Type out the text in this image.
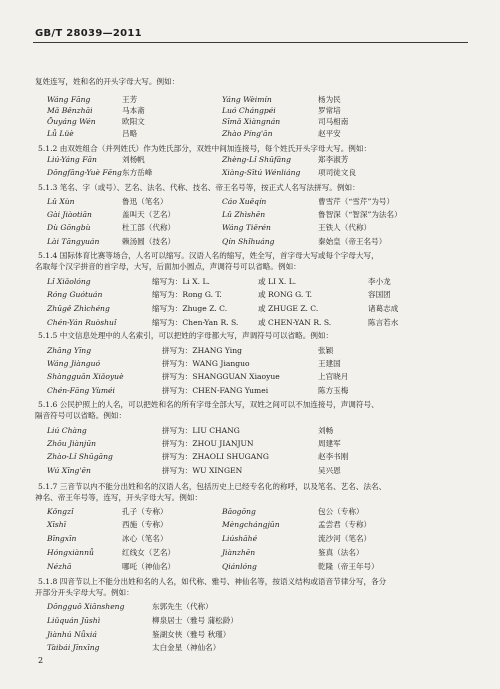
GB/T 28039—2011
复姓连写，姓和名的开头字母大写。例如：
Wáng Fāng	王芳	Yáng Wèimín	杨为民
Mǎ Běnzhāi	马本斋	Luó Chángpéi	罗常培
Ōuyáng Wén	欧阳文	Sīmǎ Xiàngnán	司马相南
Lǚ Lüè	吕略	Zhào Píng'ān	赵平安
5.1.2 由双姓组合（并列姓氏）作为姓氏部分，双姓中间加连接号，每个姓氏开头字母大写。例如：
Liú-Yáng Fān	刘杨帆	Zhèng-Lǐ Shūfāng	郑李淑芳
Dōngfāng-Yuè Fēng 东方岳峰	Xiàng-Sītú Wénliáng 项司徒文良
5.1.3 笔名、字（或号）、艺名、法名、代称、技名、帝王名号等，按正式人名写法拼写。例如：
Lǔ Xùn	鲁迅（笔名）	Cáo Xuěqín	曹雪芹（“雪芹”为号）
Gài Jiàotiān	盖叫天（艺名）	Lǔ Zhìshēn	鲁智深（“智深”为法名）
Dù Gōngbù	杜工部（代称）	Wáng Tiěrén	王铁人（代称）
Lài Tāngyuán	赖汤圆（技名）	Qín Shǐhuáng	秦始皇（帝王名号）
5.1.4 国际体育比赛等场合，人名可以缩写。汉语人名的缩写，姓全写，首字母大写或每个字母大写，
名取每个汉字拼音的首字母，大写，后面加小圆点，声调符号可以省略。例如：
Lǐ Xiǎolóng	缩写为：Li X. L.	或 LI X. L.	李小龙
Róng Guótuán	缩写为：Rong G. T.	或 RONG G. T.	容国团
Zhūgě Zhìchéng	缩写为：Zhuge Z. C.	或 ZHUGE Z. C.	诸葛志成
Chén-Yán Ruòshuǐ	缩写为：Chen-Yan R. S.	或 CHEN-YAN R. S.	陈言若水
5.1.5 中文信息处理中的人名索引，可以把姓的字母都大写，声调符号可以省略。例如：
Zhāng Yīng	拼写为：ZHANG Ying	张颖
Wáng Jiànguó	拼写为：WANG Jianguo	王建国
Shàngguān Xiǎoyuè	拼写为：SHANGGUAN Xiaoyue	上官晓月
Chén-Fāng Yùméi	拼写为：CHEN-FANG Yumei	陈方玉梅
5.1.6 公民护照上的人名，可以把姓和名的所有字母全部大写，双姓之间可以不加连接号，声调符号、
隔音符号可以省略。例如：
Liú Chàng	拼写为：LIU CHANG	刘畅
Zhōu Jiànjūn	拼写为：ZHOU JIANJUN	周建军
Zhào-Lǐ Shūgāng	拼写为：ZHAOLI SHUGANG	赵李书刚
Wú Xīng'ēn	拼写为：WU XINGEN	吴兴恩
5.1.7 三音节以内不能分出姓和名的汉语人名，包括历史上已经专名化的称呼，以及笔名、艺名、法名、
神名、帝王年号等，连写，开头字母大写。例如：
Kǒngzǐ	孔子（专称）	Bāogōng	包公（专称）
Xīshī	西施（专称）	Mèngchángjūn	孟尝君（专称）
Bīngxīn	冰心（笔名）	Liúshāhé	流沙河（笔名）
Hóngxiànnǚ	红线女（艺名）	Jiànzhēn	鉴真（法名）
Nézhā	哪吒（神仙名）	Qiánlóng	乾隆（帝王年号）
5.1.8 四音节以上不能分出姓和名的人名，如代称、雅号、神仙名等，按语义结构或语音节律分写，各分
开部分开头字母大写。例如：
Dōngguō Xiānsheng	东郭先生（代称）
Liǔquán Jūshì	柳泉居士（雅号 蒲松龄）
Jiànhú Nǚxiá	鉴湖女侠（雅号 秋瑾）
Tàibái Jīnxīng	太白金星（神仙名）
2
